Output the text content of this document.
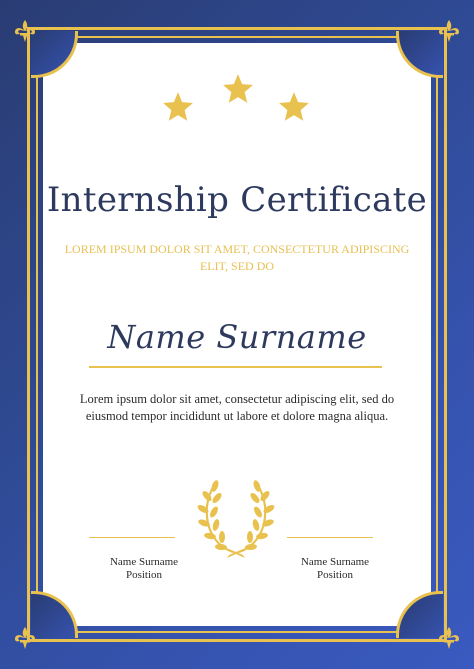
Internship Certificate
LOREM IPSUM DOLOR SIT AMET, CONSECTETUR ADIPISCING ELIT, SED DO
Name Surname
Lorem ipsum dolor sit amet, consectetur adipiscing elit, sed do eiusmod tempor incididunt ut labore et dolore magna aliqua.
Name Surname
Position
Name Surname
Position
